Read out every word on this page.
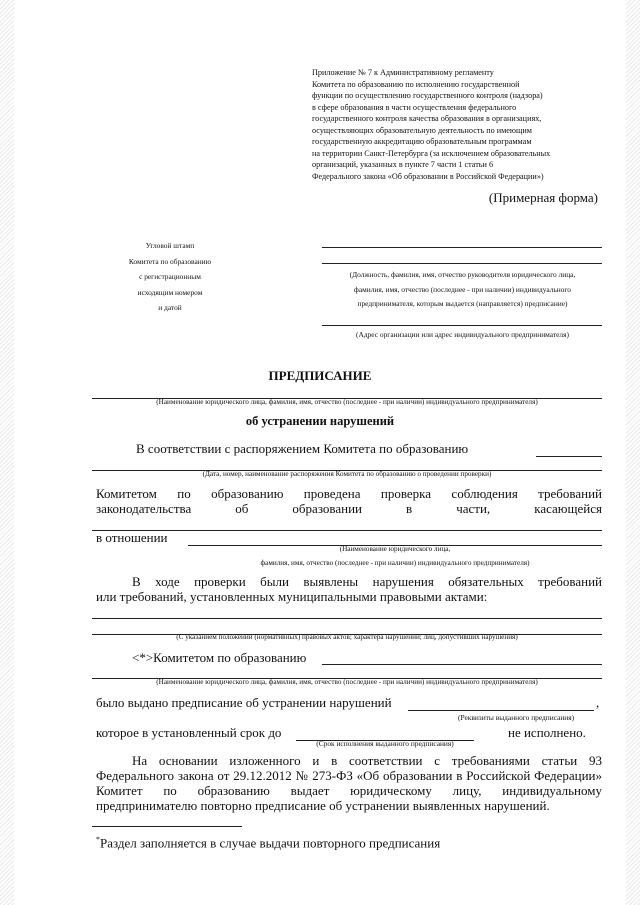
Приложение № 7 к Административному регламенту
Комитета по образованию по исполнению государственной
функции по осуществлению государственного контроля (надзора)
в сфере образования в части осуществления федерального
государственного контроля качества образования в организациях,
осуществляющих образовательную деятельность по имеющим
государственную аккредитацию образовательным программам
на территории Санкт-Петербурга (за исключением образовательных
организаций, указанных в пункте 7 части 1 статьи 6
Федерального закона «Об образовании в Российской Федерации»)
(Примерная форма)
Угловой штамп
Комитета по образованию
с регистрационным
исходящим номером
и датой
(Должность, фамилия, имя, отчество руководителя юридического лица,
фамилия, имя, отчество (последнее - при наличии) индивидуального
предпринимателя, которым выдается (направляется) предписание)
(Адрес организации или адрес индивидуального предпринимателя)
ПРЕДПИСАНИЕ
(Наименование юридического лица, фамилия, имя, отчество (последнее - при наличии) индивидуального предпринимателя)
об устранении нарушений
В соответствии с распоряжением Комитета по образованию
(Дата, номер, наименование распоряжения Комитета по образованию о проведении проверки)
Комитетом по образованию проведена проверка соблюдения требований
законодательства об образовании в части, касающейся
в отношении
(Наименование юридического лица,
фамилия, имя, отчество (последнее - при наличии) индивидуального предпринимателя)
В ходе проверки были выявлены нарушения обязательных требований
или требований, установленных муниципальными правовыми актами:
(С указанием положений (нормативных) правовых актов; характера нарушений; лиц, допустивших нарушения)
<*>Комитетом по образованию
(Наименование юридического лица, фамилия, имя, отчество (последнее - при наличии) индивидуального предпринимателя)
было выдано предписание об устранении нарушений	,
(Реквизиты выданного предписания)
которое в установленный срок до	не исполнено.
(Срок исполнения выданного предписания)
На основании изложенного и в соответствии с требованиями статьи 93
Федерального закона от 29.12.2012 № 273-ФЗ «Об образовании в Российской Федерации»
Комитет по образованию выдает юридическому лицу, индивидуальному
предпринимателю повторно предписание об устранении выявленных нарушений.
*Раздел заполняется в случае выдачи повторного предписания
